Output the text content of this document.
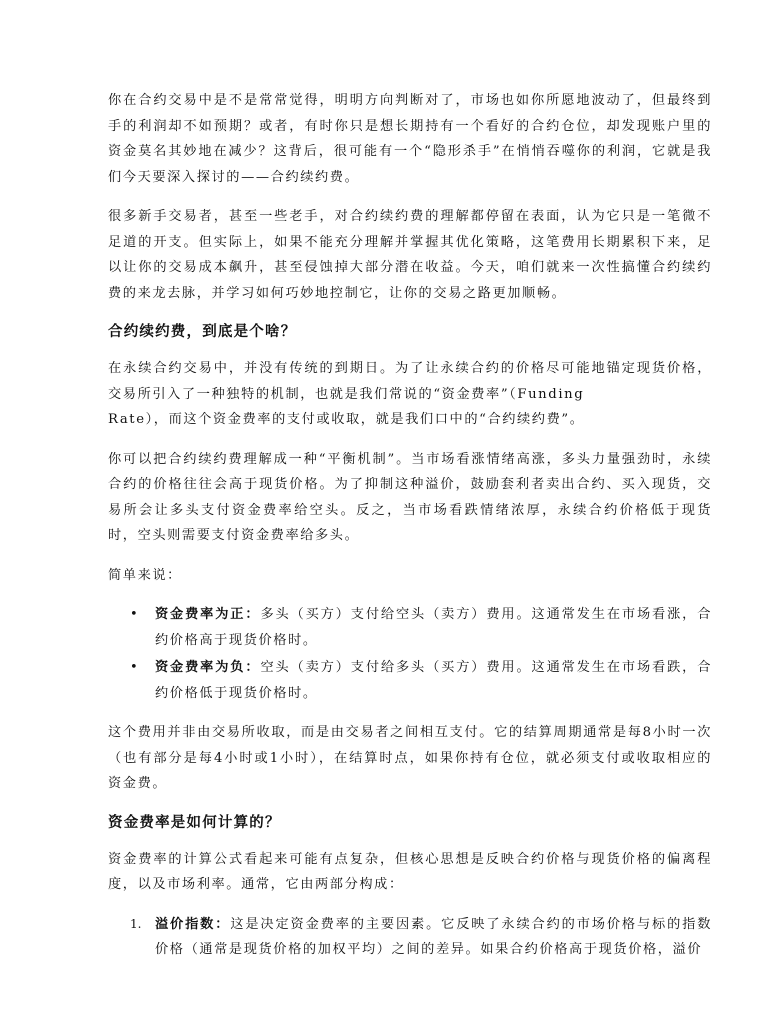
你在合约交易中是不是常常觉得，明明方向判断对了，市场也如你所愿地波动了，但最终到手的利润却不如预期？或者，有时你只是想长期持有一个看好的合约仓位，却发现账户里的资金莫名其妙地在减少？这背后，很可能有一个“隐形杀手”在悄悄吞噬你的利润，它就是我们今天要深入探讨的——合约续约费。

很多新手交易者，甚至一些老手，对合约续约费的理解都停留在表面，认为它只是一笔微不足道的开支。但实际上，如果不能充分理解并掌握其优化策略，这笔费用长期累积下来，足以让你的交易成本飙升，甚至侵蚀掉大部分潜在收益。今天，咱们就来一次性搞懂合约续约费的来龙去脉，并学习如何巧妙地控制它，让你的交易之路更加顺畅。

合约续约费，到底是个啥？

在永续合约交易中，并没有传统的到期日。为了让永续合约的价格尽可能地锚定现货价格，交易所引入了一种独特的机制，也就是我们常说的“资金费率”（Funding
Rate），而这个资金费率的支付或收取，就是我们口中的“合约续约费”。

你可以把合约续约费理解成一种“平衡机制”。当市场看涨情绪高涨，多头力量强劲时，永续合约的价格往往会高于现货价格。为了抑制这种溢价，鼓励套利者卖出合约、买入现货，交易所会让多头支付资金费率给空头。反之，当市场看跌情绪浓厚，永续合约价格低于现货时，空头则需要支付资金费率给多头。

简单来说：

• 资金费率为正：多头（买方）支付给空头（卖方）费用。这通常发生在市场看涨，合约价格高于现货价格时。
• 资金费率为负：空头（卖方）支付给多头（买方）费用。这通常发生在市场看跌，合约价格低于现货价格时。

这个费用并非由交易所收取，而是由交易者之间相互支付。它的结算周期通常是每8小时一次（也有部分是每4小时或1小时），在结算时点，如果你持有仓位，就必须支付或收取相应的资金费。

资金费率是如何计算的？

资金费率的计算公式看起来可能有点复杂，但核心思想是反映合约价格与现货价格的偏离程度，以及市场利率。通常，它由两部分构成：

1. 溢价指数：这是决定资金费率的主要因素。它反映了永续合约的市场价格与标的指数价格（通常是现货价格的加权平均）之间的差异。如果合约价格高于现货价格，溢价
